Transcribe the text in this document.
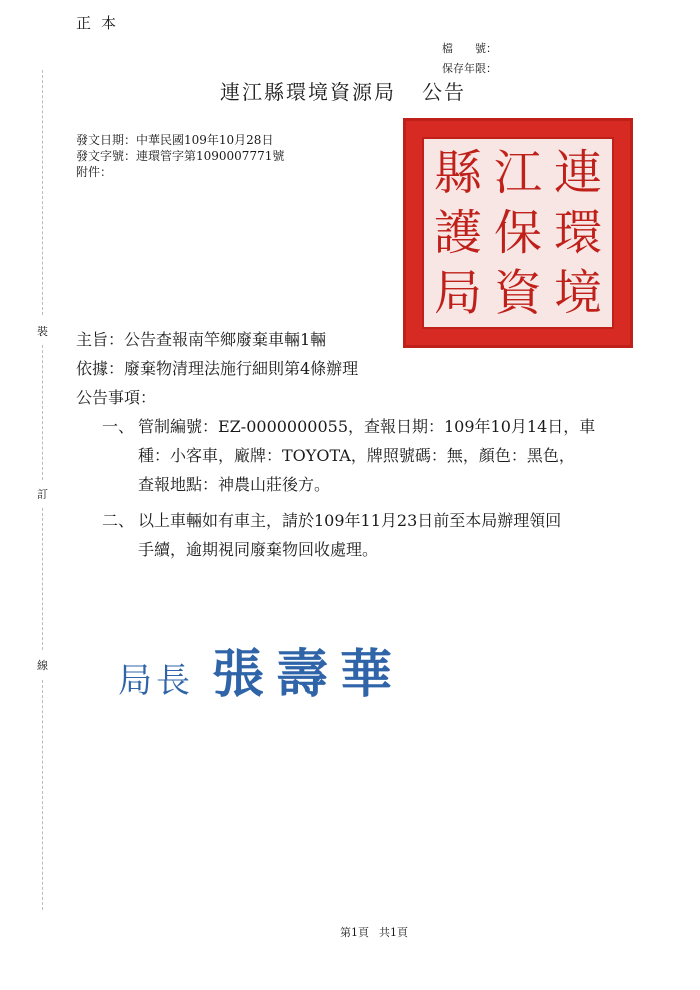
正本
檔　　號：
保存年限：
連江縣環境資源局 公告
發文日期：中華民國109年10月28日
發文字號：連環管字第1090007771號
附件：	縣 江 連
護 保 環
局 資 境
裝
訂
線
主旨：公告查報南竿鄉廢棄車輛1輛
依據：廢棄物清理法施行細則第4條辦理
公告事項：
一、 管制編號：EZ-0000000055，查報日期：109年10月14日，車
種：小客車，廠牌：TOYOTA，牌照號碼：無，顏色：黑色，
查報地點：神農山莊後方。
二、 以上車輛如有車主，請於109年11月23日前至本局辦理領回
手續，逾期視同廢棄物回收處理。
局長 張壽華
第1頁 共1頁
